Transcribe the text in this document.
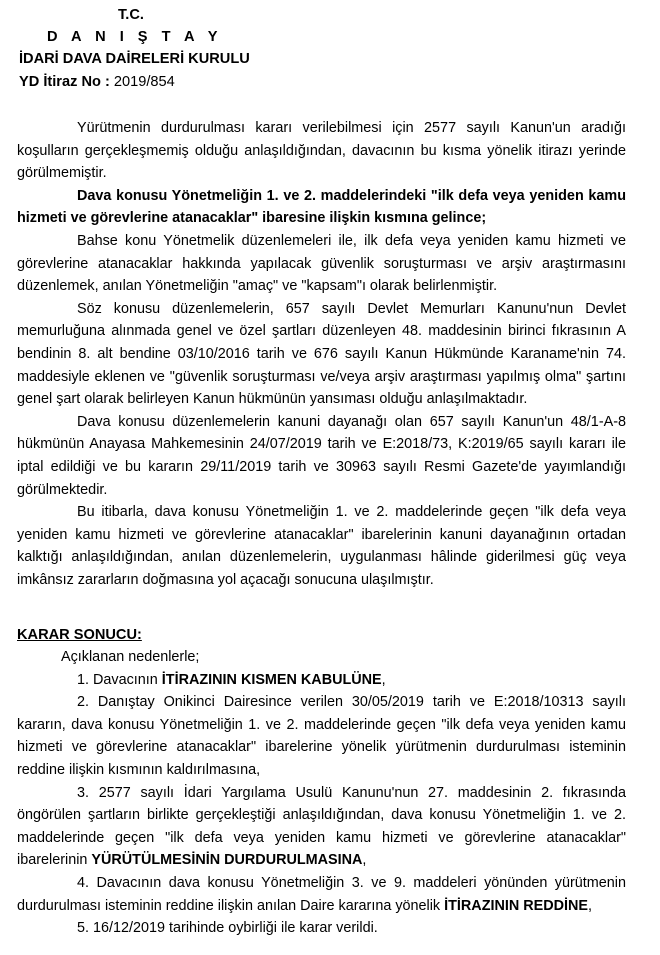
T.C.
D A N I Ş T A Y
İDARİ DAVA DAİRELERİ KURULU
YD İtiraz No : 2019/854

Yürütmenin durdurulması kararı verilebilmesi için 2577 sayılı Kanun'un aradığı koşulların gerçekleşmemiş olduğu anlaşıldığından, davacının bu kısma yönelik itirazı yerinde görülmemiştir.

Dava konusu Yönetmeliğin 1. ve 2. maddelerindeki "ilk defa veya yeniden kamu hizmeti ve görevlerine atanacaklar" ibaresine ilişkin kısmına gelince;

Bahse konu Yönetmelik düzenlemeleri ile, ilk defa veya yeniden kamu hizmeti ve görevlerine atanacaklar hakkında yapılacak güvenlik soruşturması ve arşiv araştırmasını düzenlemek, anılan Yönetmeliğin "amaç" ve "kapsam"ı olarak belirlenmiştir.

Söz konusu düzenlemelerin, 657 sayılı Devlet Memurları Kanunu'nun Devlet memurluğuna alınmada genel ve özel şartları düzenleyen 48. maddesinin birinci fıkrasının A bendinin 8. alt bendine 03/10/2016 tarih ve 676 sayılı Kanun Hükmünde Karaname'nin 74. maddesiyle eklenen ve "güvenlik soruşturması ve/veya arşiv araştırması yapılmış olma" şartını genel şart olarak belirleyen Kanun hükmünün yansıması olduğu anlaşılmaktadır.

Dava konusu düzenlemelerin kanuni dayanağı olan 657 sayılı Kanun'un 48/1-A-8 hükmünün Anayasa Mahkemesinin 24/07/2019 tarih ve E:2018/73, K:2019/65 sayılı kararı ile iptal edildiği ve bu kararın 29/11/2019 tarih ve 30963 sayılı Resmi Gazete'de yayımlandığı görülmektedir.

Bu itibarla, dava konusu Yönetmeliğin 1. ve 2. maddelerinde geçen "ilk defa veya yeniden kamu hizmeti ve görevlerine atanacaklar" ibarelerinin kanuni dayanağının ortadan kalktığı anlaşıldığından, anılan düzenlemelerin, uygulanması hâlinde giderilmesi güç veya imkânsız zararların doğmasına yol açacağı sonucuna ulaşılmıştır.

KARAR SONUCU:

Açıklanan nedenlerle;

1. Davacının İTİRAZININ KISMEN KABULÜNE,

2. Danıştay Onikinci Dairesince verilen 30/05/2019 tarih ve E:2018/10313 sayılı kararın, dava konusu Yönetmeliğin 1. ve 2. maddelerinde geçen "ilk defa veya yeniden kamu hizmeti ve görevlerine atanacaklar" ibarelerine yönelik yürütmenin durdurulması isteminin reddine ilişkin kısmının kaldırılmasına,

3. 2577 sayılı İdari Yargılama Usulü Kanunu'nun 27. maddesinin 2. fıkrasında öngörülen şartların birlikte gerçekleştiği anlaşıldığından, dava konusu Yönetmeliğin 1. ve 2. maddelerinde geçen "ilk defa veya yeniden kamu hizmeti ve görevlerine atanacaklar" ibarelerinin YÜRÜTÜLMESİNİN DURDURULMASINA,

4. Davacının dava konusu Yönetmeliğin 3. ve 9. maddeleri yönünden yürütmenin durdurulması isteminin reddine ilişkin anılan Daire kararına yönelik İTİRAZININ REDDİNE,

5. 16/12/2019 tarihinde oybirliği ile karar verildi.
